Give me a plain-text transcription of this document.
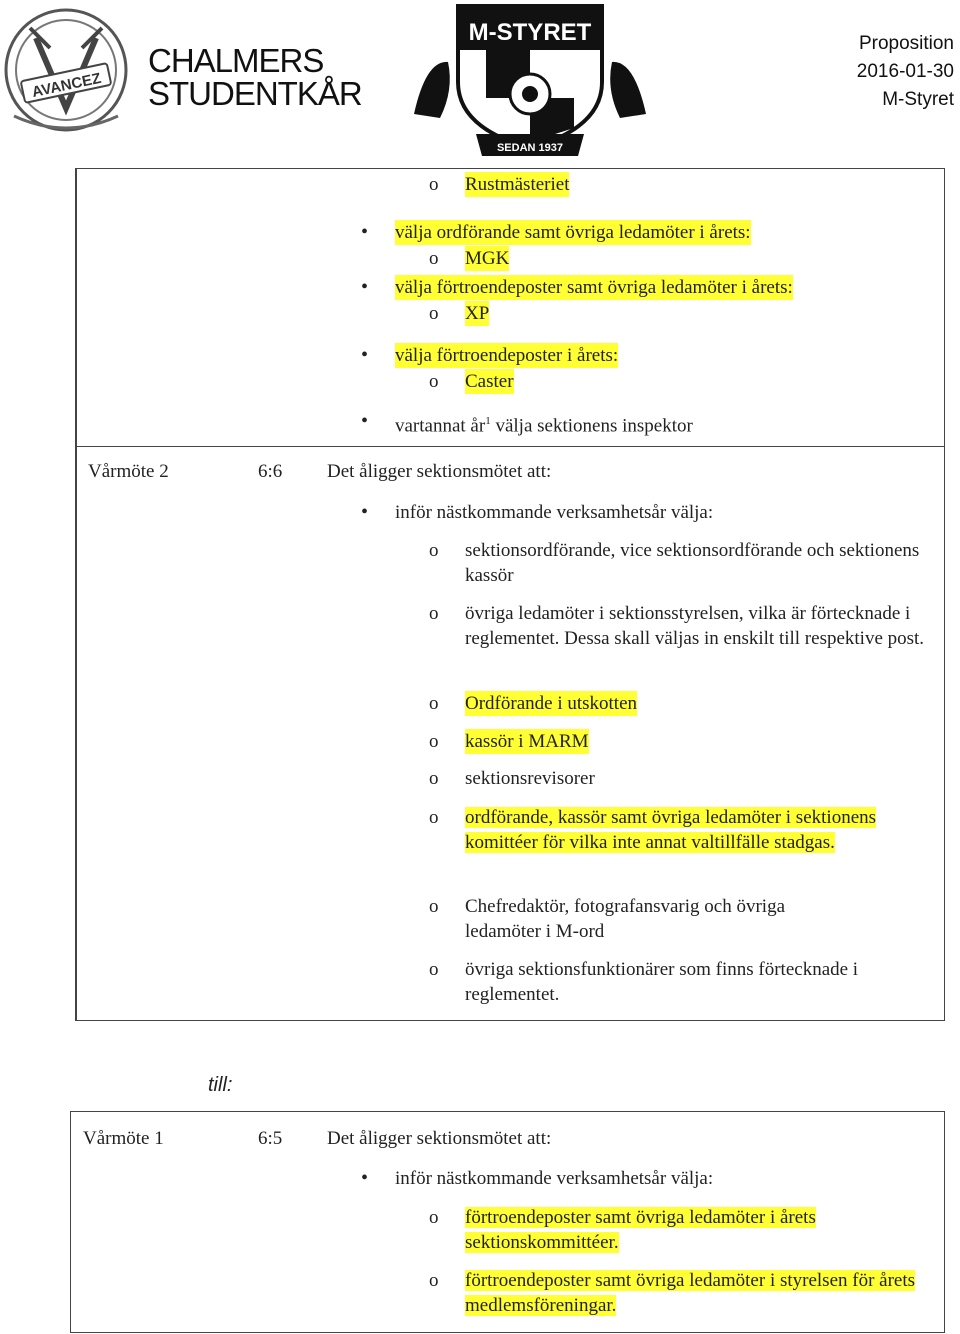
AVANCEZ
CHALMERS
STUDENTKÅR
M-STYRET
SEDAN 1937
Proposition
2016-01-30
M-Styret
o Rustmästeriet
• välja ordförande samt övriga ledamöter i årets:
o MGK
• välja förtroendeposter samt övriga ledamöter i årets:
o XP
• välja förtroendeposter i årets:
o Caster
• vartannat $år^1$ välja sektionens inspektor
Vårmöte 2	6:6 Det åligger sektionsmötet att:
• inför nästkommande verksamhetsår välja:
o sektionsordförande, vice sektionsordförande och sektionens kassör
o övriga ledamöter i sektionsstyrelsen, vilka är förtecknade i reglementet. Dessa skall väljas in enskilt till respektive post.
o Ordförande i utskotten
o kassör i MARM
o sektionsrevisorer
o ordförande, kassör samt övriga ledamöter i sektionens komittéer för vilka inte annat valtillfälle stadgas.
o Chefredaktör, fotografansvarig och övriga ledamöter i M-ord
o övriga sektionsfunktionärer som finns förtecknade i reglementet.
till:
Vårmöte 1	6:5 Det åligger sektionsmötet att:
• inför nästkommande verksamhetsår välja:
o förtroendeposter samt övriga ledamöter i årets sektionskommittéer.
o förtroendeposter samt övriga ledamöter i styrelsen för årets medlemsföreningar.
